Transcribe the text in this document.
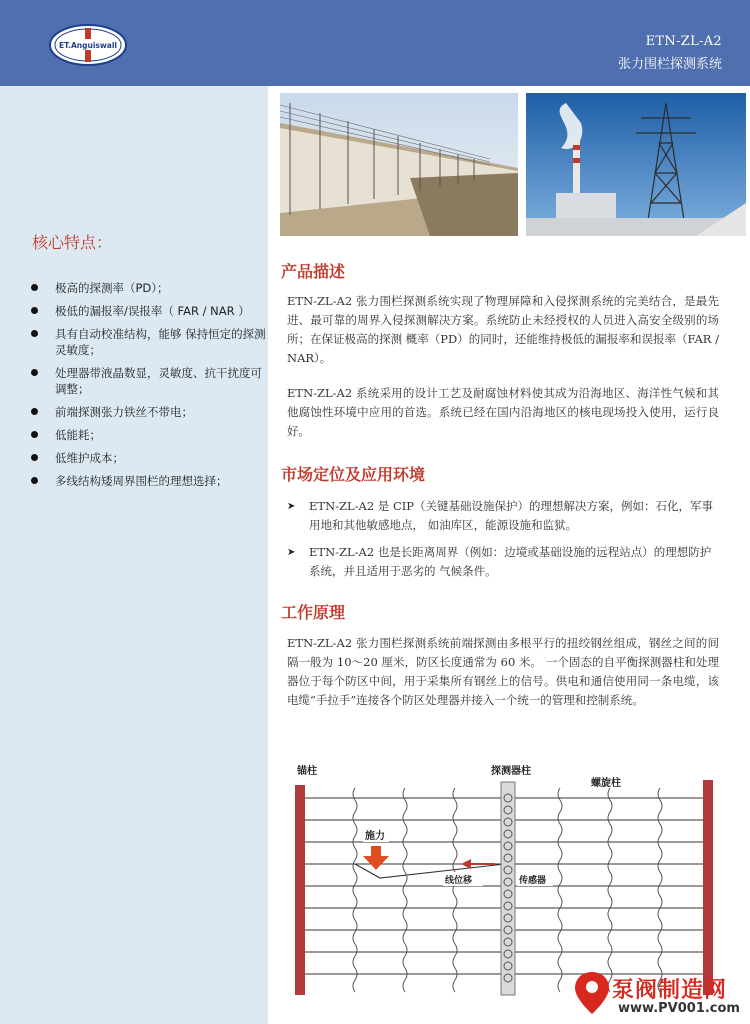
ET.Anguiswall	ETN-ZL-A2
张力围栏探测系统
核心特点：
极高的探测率（PD）；
极低的漏报率/误报率（ FAR / NAR ）
具有自动校准结构，能够 保持恒定的探测灵敏度；
处理器带液晶数显，灵敏度、抗干扰度可调整；
前端探测张力铁丝不带电；
低能耗；
低维护成本；
多线结构矮周界围栏的理想选择；
产品描述
ETN-ZL-A2 张力围栏探测系统实现了物理屏障和入侵探测系统的完美结合，是最先进、最可靠的周界入侵探测解决方案。系统防止未经授权的人员进入高安全级别的场所；在保证极高的探测 概率（PD）的同时，还能维持极低的漏报率和误报率（FAR / NAR）。
ETN-ZL-A2 系统采用的设计工艺及耐腐蚀材料使其成为沿海地区、海洋性气候和其他腐蚀性环境中应用的首选。系统已经在国内沿海地区的核电现场投入使用，运行良好。
市场定位及应用环境
➤ ETN-ZL-A2 是 CIP（关键基础设施保护）的理想解决方案，例如：石化，军事用地和其他敏感地点， 如油库区，能源设施和监狱。
➤ ETN-ZL-A2 也是长距离周界（例如：边境或基础设施的远程站点）的理想防护系统，并且适用于恶劣的 气候条件。
工作原理
ETN-ZL-A2 张力围栏探测系统前端探测由多根平行的扭绞钢丝组成，钢丝之间的间隔一般为 10～20 厘米，防区长度通常为 60 米。 一个固态的自平衡探测器柱和处理器位于每个防区中间，用于采集所有钢丝上的信号。供电和通信使用同一条电缆，该电缆“手拉手”连接各个防区处理器并接入一个统一的管理和控制系统。
锚柱	探测器柱
螺旋柱
施力
线位移	传感器
泵阀制造网
www.PV001.com
